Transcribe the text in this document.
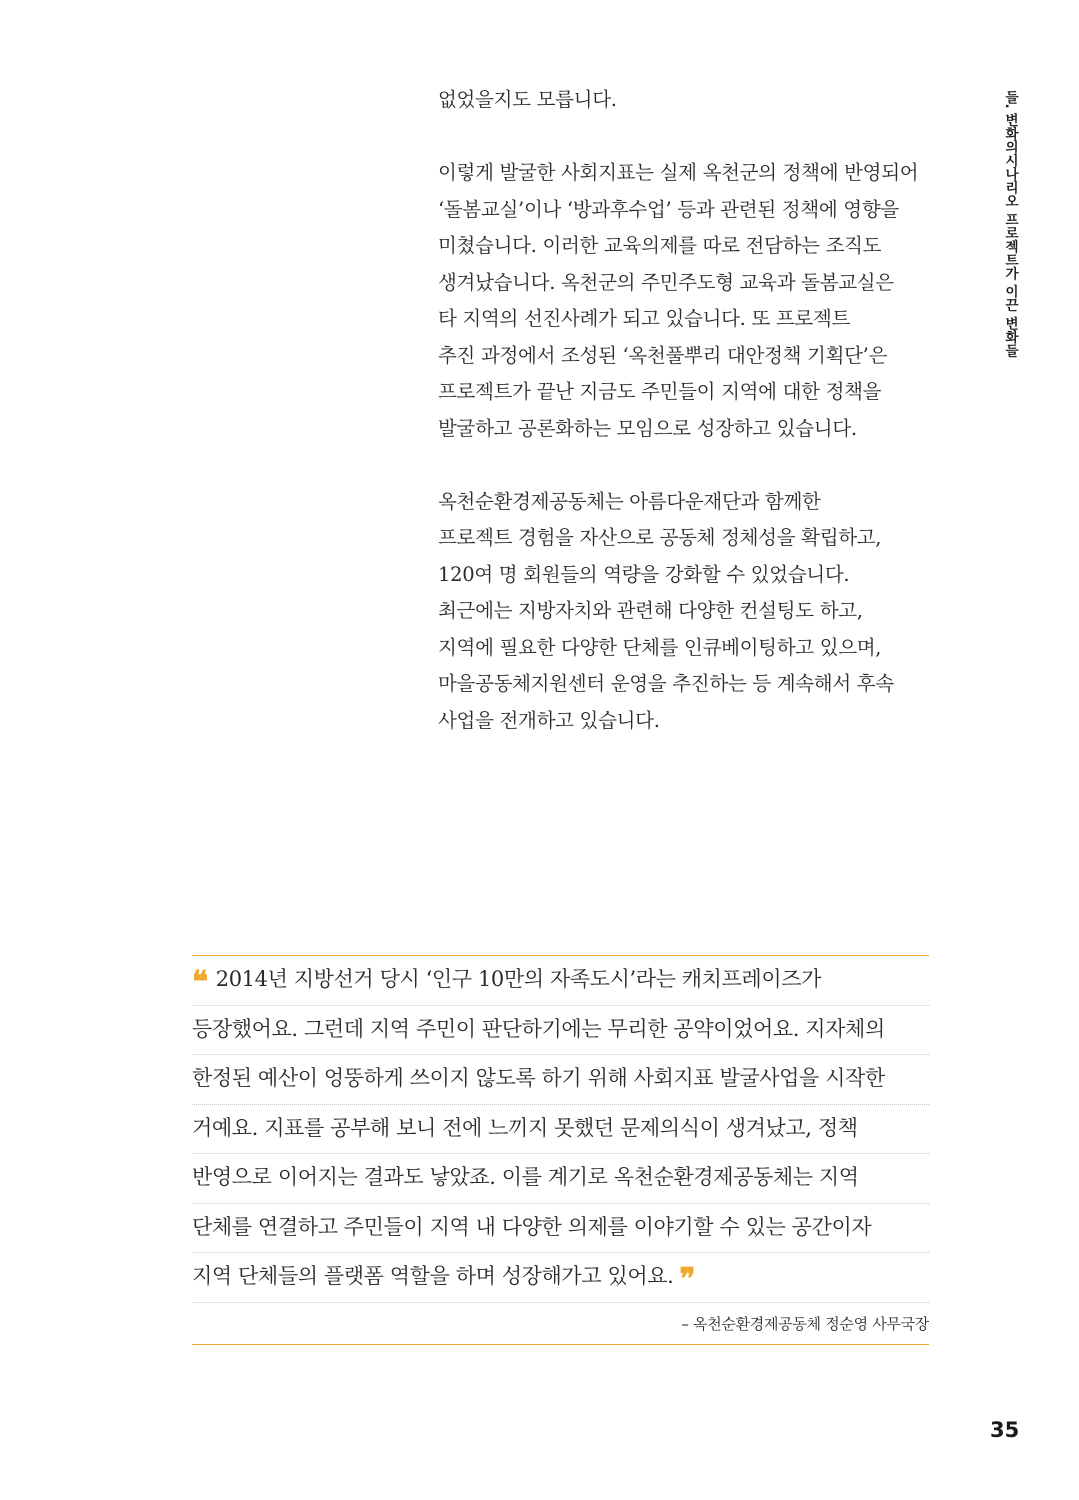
들. 변화의시나리오 프로젝트가 이끈 변화들
없었을지도 모릅니다.
이렇게 발굴한 사회지표는 실제 옥천군의 정책에 반영되어
‘돌봄교실’이나 ‘방과후수업’ 등과 관련된 정책에 영향을
미쳤습니다. 이러한 교육의제를 따로 전담하는 조직도
생겨났습니다. 옥천군의 주민주도형 교육과 돌봄교실은
타 지역의 선진사례가 되고 있습니다. 또 프로젝트
추진 과정에서 조성된 ‘옥천풀뿌리 대안정책 기획단’은
프로젝트가 끝난 지금도 주민들이 지역에 대한 정책을
발굴하고 공론화하는 모임으로 성장하고 있습니다.
옥천순환경제공동체는 아름다운재단과 함께한
프로젝트 경험을 자산으로 공동체 정체성을 확립하고,
120여 명 회원들의 역량을 강화할 수 있었습니다.
최근에는 지방자치와 관련해 다양한 컨설팅도 하고,
지역에 필요한 다양한 단체를 인큐베이팅하고 있으며,
마을공동체지원센터 운영을 추진하는 등 계속해서 후속
사업을 전개하고 있습니다.
❝ 2014년 지방선거 당시 ‘인구 10만의 자족도시’라는 캐치프레이즈가
등장했어요. 그런데 지역 주민이 판단하기에는 무리한 공약이었어요. 지자체의
한정된 예산이 엉뚱하게 쓰이지 않도록 하기 위해 사회지표 발굴사업을 시작한
거예요. 지표를 공부해 보니 전에 느끼지 못했던 문제의식이 생겨났고, 정책
반영으로 이어지는 결과도 낳았죠. 이를 계기로 옥천순환경제공동체는 지역
단체를 연결하고 주민들이 지역 내 다양한 의제를 이야기할 수 있는 공간이자
지역 단체들의 플랫폼 역할을 하며 성장해가고 있어요. ❞
– 옥천순환경제공동체 정순영 사무국장
35
